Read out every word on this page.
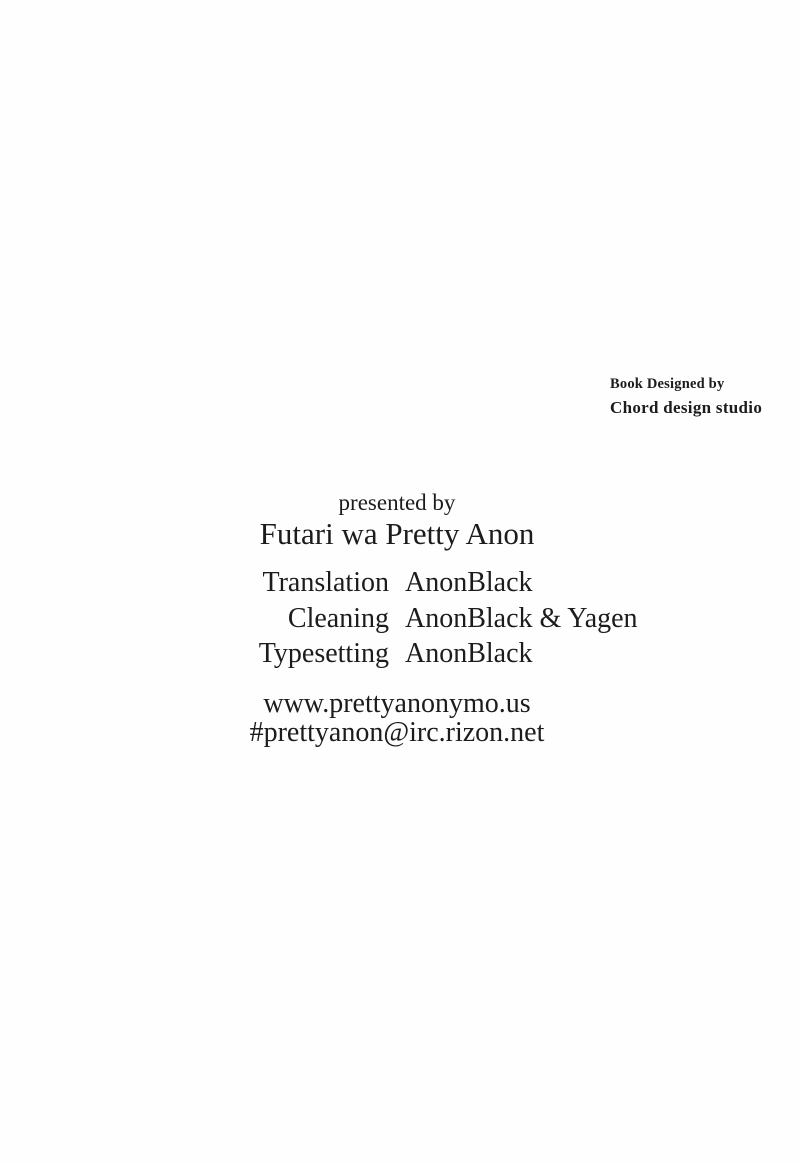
Book Designed by
Chord design studio
presented by
Futari wa Pretty Anon
Translation AnonBlack
Cleaning AnonBlack & Yagen
Typesetting AnonBlack
www.prettyanonymo.us
#prettyanon@irc.rizon.net
